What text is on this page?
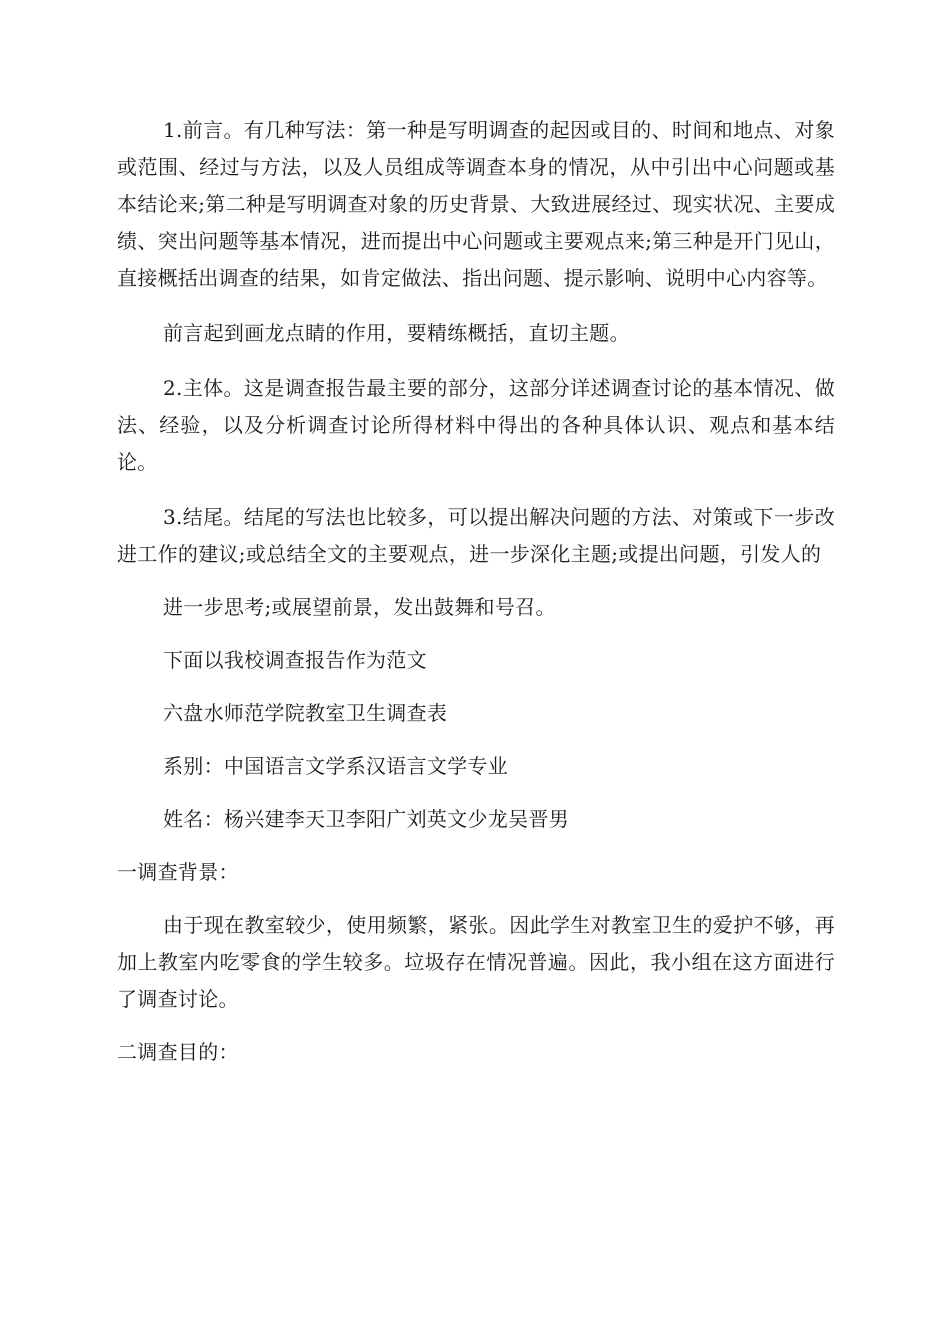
1.前言。有几种写法：第一种是写明调查的起因或目的、时间和地点、对象或范围、经过与方法，以及人员组成等调查本身的情况，从中引出中心问题或基本结论来;第二种是写明调查对象的历史背景、大致进展经过、现实状况、主要成绩、突出问题等基本情况，进而提出中心问题或主要观点来;第三种是开门见山，直接概括出调查的结果，如肯定做法、指出问题、提示影响、说明中心内容等。

前言起到画龙点睛的作用，要精练概括，直切主题。

2.主体。这是调查报告最主要的部分，这部分详述调查讨论的基本情况、做法、经验，以及分析调查讨论所得材料中得出的各种具体认识、观点和基本结论。

3.结尾。结尾的写法也比较多，可以提出解决问题的方法、对策或下一步改进工作的建议;或总结全文的主要观点，进一步深化主题;或提出问题，引发人的

进一步思考;或展望前景，发出鼓舞和号召。

下面以我校调查报告作为范文

六盘水师范学院教室卫生调查表

系别：中国语言文学系汉语言文学专业

姓名：杨兴建李天卫李阳广刘英文少龙吴晋男

一调查背景：

由于现在教室较少，使用频繁，紧张。因此学生对教室卫生的爱护不够，再加上教室内吃零食的学生较多。垃圾存在情况普遍。因此，我小组在这方面进行了调查讨论。

二调查目的：
